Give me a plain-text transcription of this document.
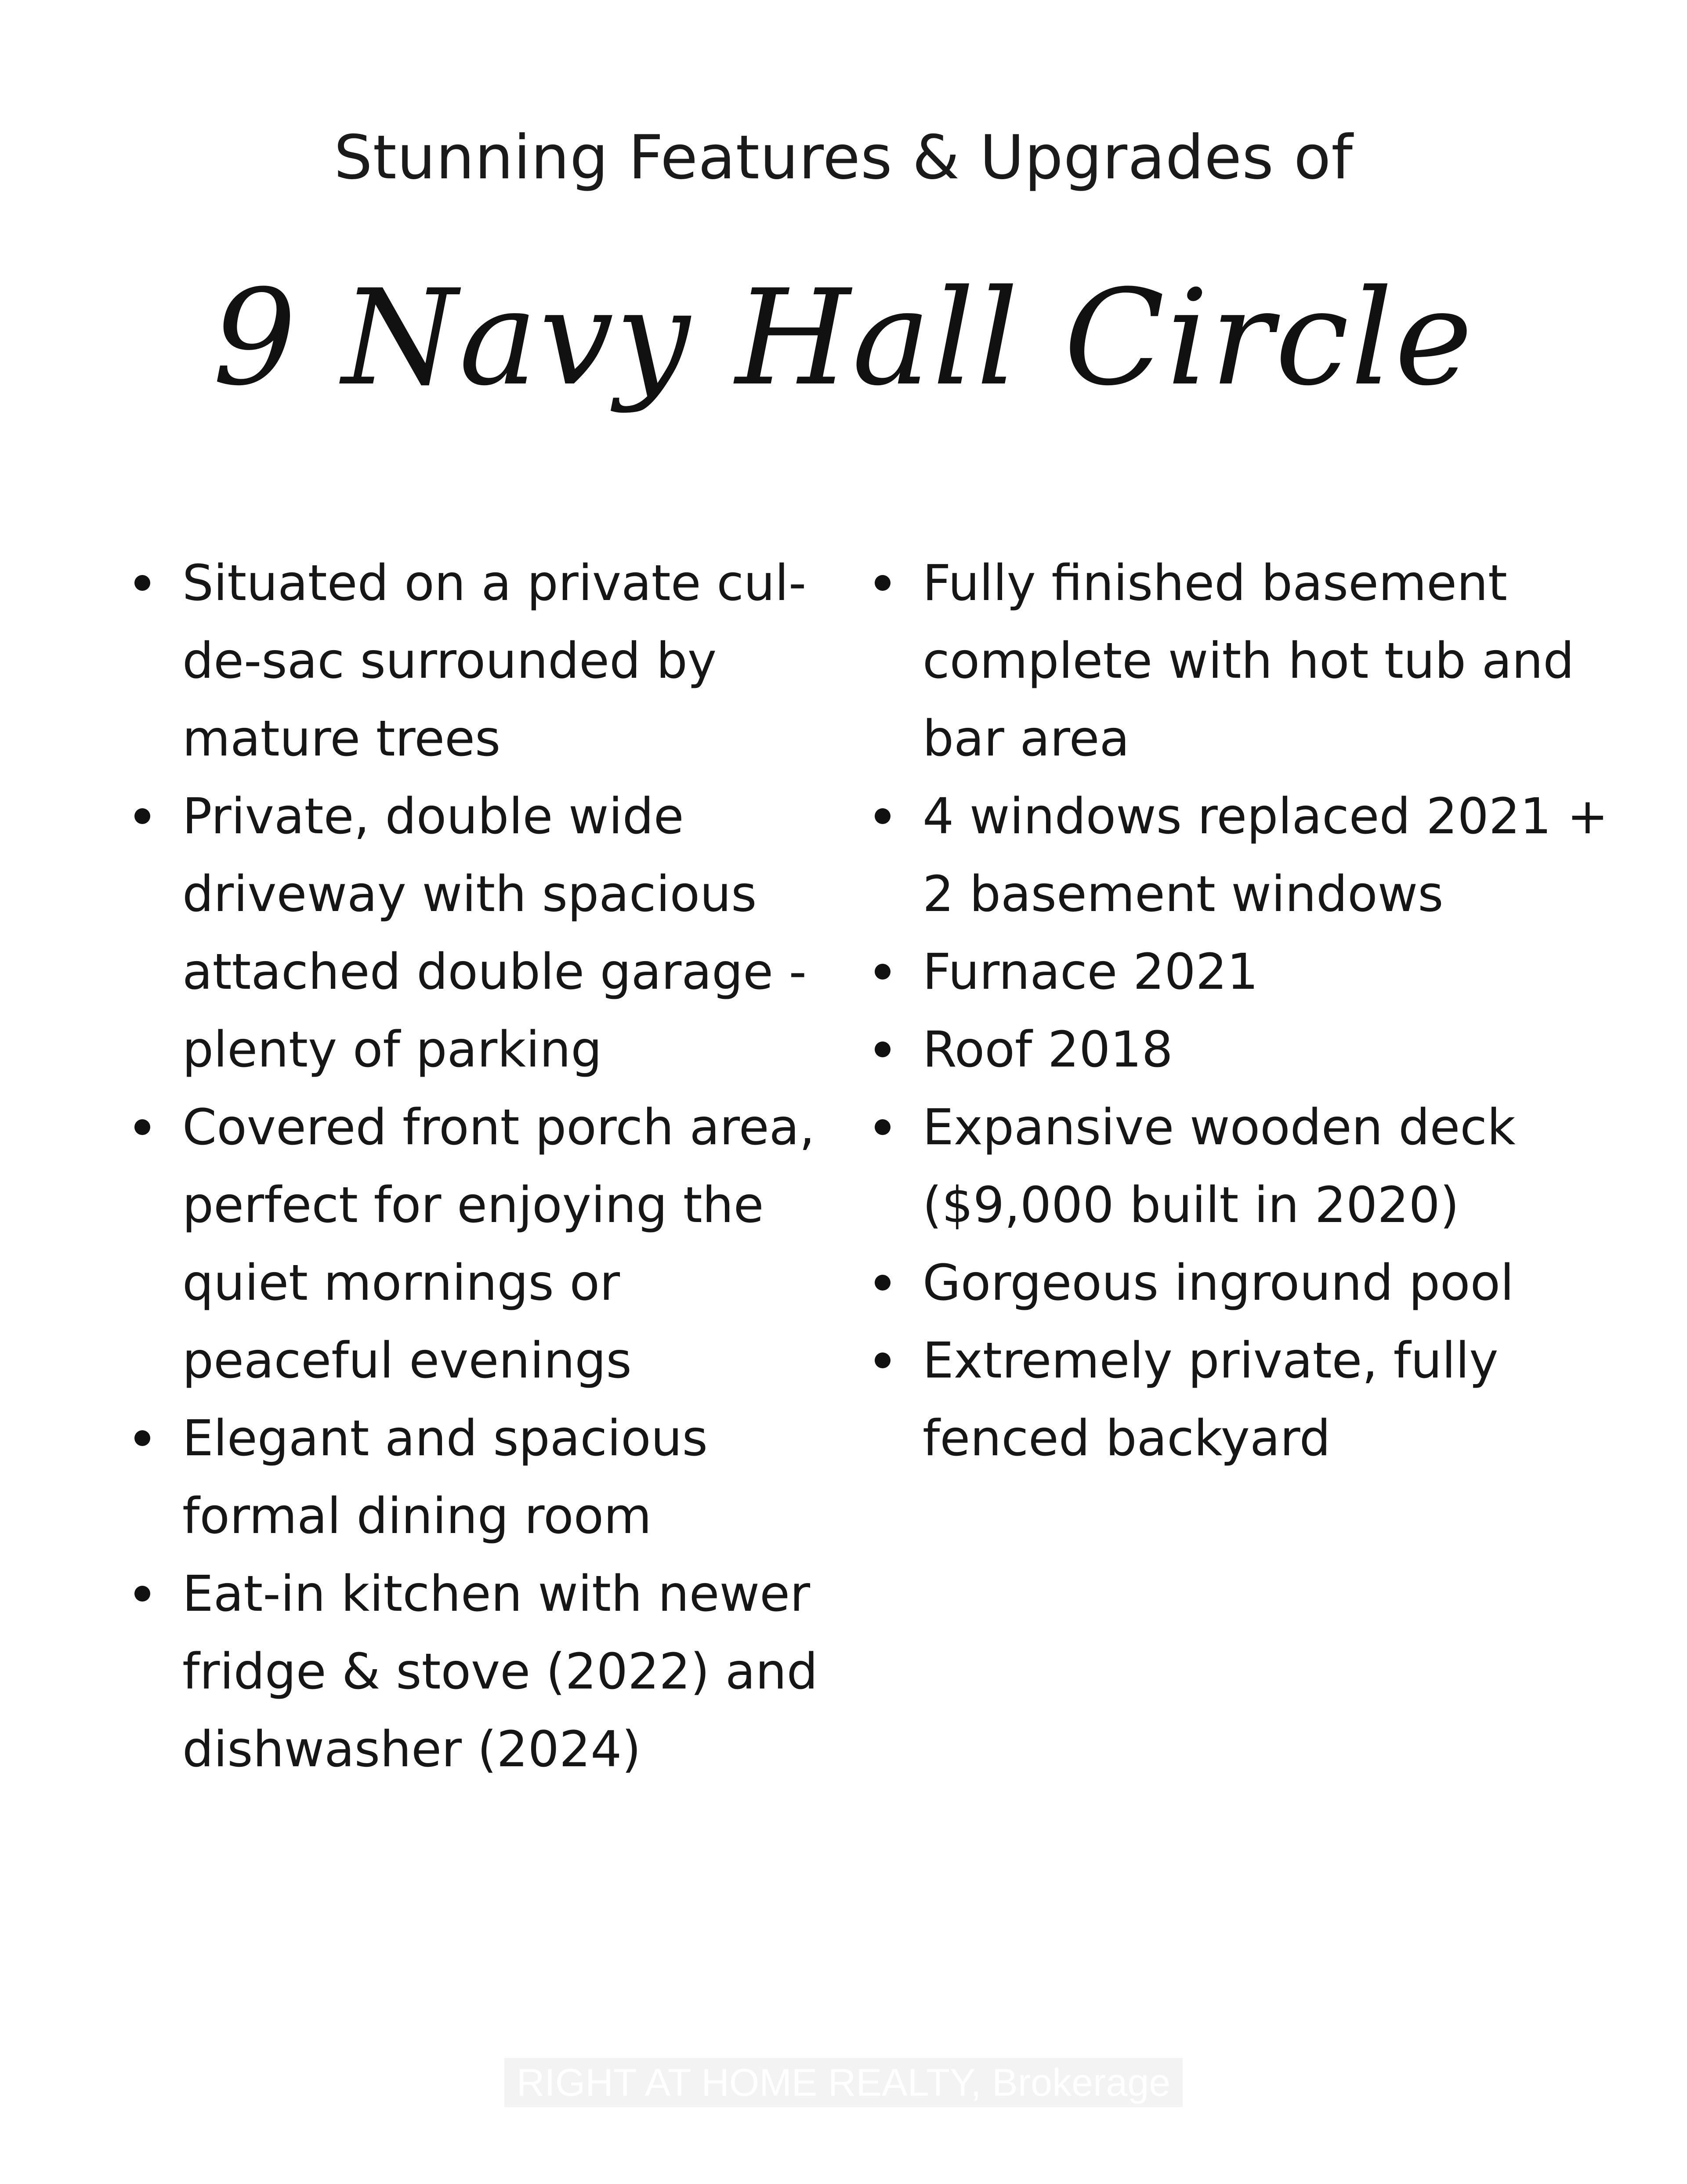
Stunning Features & Upgrades of
9 Navy Hall Circle
Situated on a private cul-de-sac surrounded by mature trees
Private, double wide driveway with spacious attached double garage - plenty of parking
Covered front porch area, perfect for enjoying the quiet mornings or peaceful evenings
Elegant and spacious formal dining room
Eat-in kitchen with newer fridge & stove (2022) and dishwasher (2024)
Fully finished basement complete with hot tub and bar area
4 windows replaced 2021 + 2 basement windows
Furnace 2021
Roof 2018
Expansive wooden deck ($9,000 built in 2020)
Gorgeous inground pool
Extremely private, fully fenced backyard
RIGHT AT HOME REALTY, Brokerage
